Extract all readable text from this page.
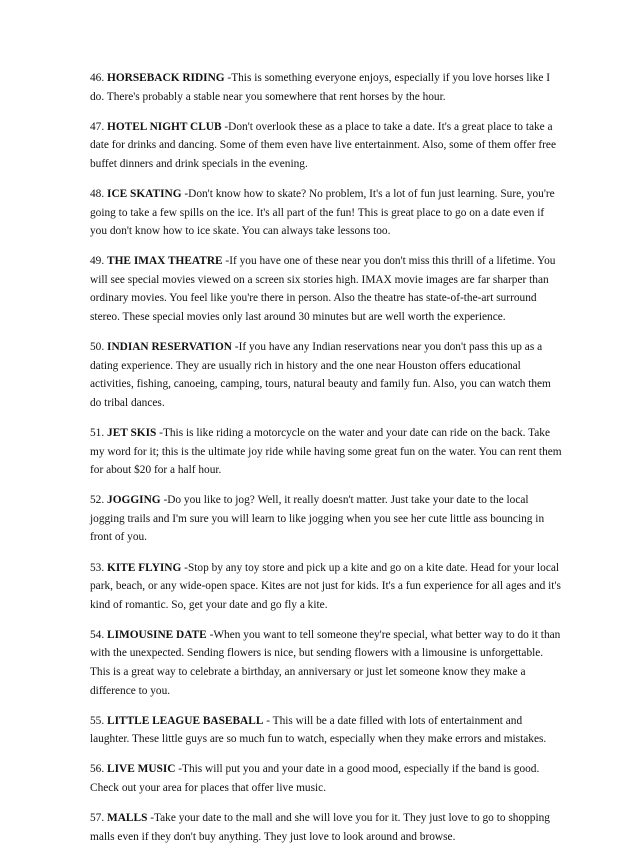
46. HORSEBACK RIDING -This is something everyone enjoys, especially if you love horses like I do. There's probably a stable near you somewhere that rent horses by the hour.

47. HOTEL NIGHT CLUB -Don't overlook these as a place to take a date. It's a great place to take a date for drinks and dancing. Some of them even have live entertainment. Also, some of them offer free buffet dinners and drink specials in the evening.

48. ICE SKATING -Don't know how to skate? No problem, It's a lot of fun just learning. Sure, you're going to take a few spills on the ice. It's all part of the fun! This is great place to go on a date even if you don't know how to ice skate. You can always take lessons too.

49. THE IMAX THEATRE -If you have one of these near you don't miss this thrill of a lifetime. You will see special movies viewed on a screen six stories high. IMAX movie images are far sharper than ordinary movies. You feel like you're there in person. Also the theatre has state-of-the-art surround stereo. These special movies only last around 30 minutes but are well worth the experience.

50. INDIAN RESERVATION -If you have any Indian reservations near you don't pass this up as a dating experience. They are usually rich in history and the one near Houston offers educational activities, fishing, canoeing, camping, tours, natural beauty and family fun. Also, you can watch them do tribal dances.

51. JET SKIS -This is like riding a motorcycle on the water and your date can ride on the back. Take my word for it; this is the ultimate joy ride while having some great fun on the water. You can rent them for about $20 for a half hour.

52. JOGGING -Do you like to jog? Well, it really doesn't matter. Just take your date to the local jogging trails and I'm sure you will learn to like jogging when you see her cute little ass bouncing in front of you.

53. KITE FLYING -Stop by any toy store and pick up a kite and go on a kite date. Head for your local park, beach, or any wide-open space. Kites are not just for kids. It's a fun experience for all ages and it's kind of romantic. So, get your date and go fly a kite.

54. LIMOUSINE DATE -When you want to tell someone they're special, what better way to do it than with the unexpected. Sending flowers is nice, but sending flowers with a limousine is unforgettable. This is a great way to celebrate a birthday, an anniversary or just let someone know they make a difference to you.

55. LITTLE LEAGUE BASEBALL - This will be a date filled with lots of entertainment and laughter. These little guys are so much fun to watch, especially when they make errors and mistakes.

56. LIVE MUSIC -This will put you and your date in a good mood, especially if the band is good. Check out your area for places that offer live music.

57. MALLS -Take your date to the mall and she will love you for it. They just love to go to shopping malls even if they don't buy anything. They just love to look around and browse.
